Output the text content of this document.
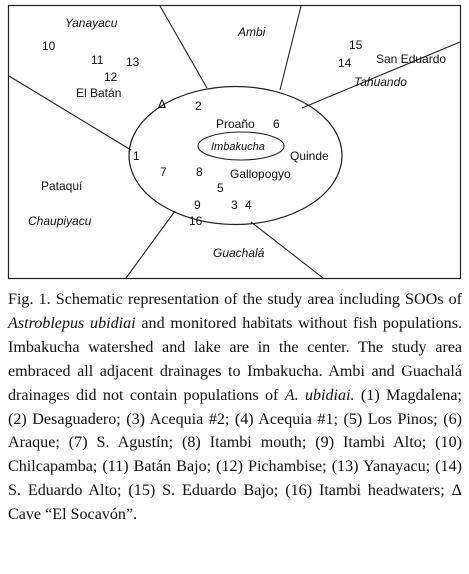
Yanayacu
Ambi
Tahuando
Chaupiyacu
Guachalá
El Batán
San Eduardo
Proaño
Imbakucha
Quinde
Gallopogyo
Pataquí
Δ
1
2
3 4
5
6
7 8
9
10
11
12
13	14
15
16

Fig. 1. Schematic representation of the study area including SOOs of Astroblepus ubidiai and monitored habitats without fish populations. Imbakucha watershed and lake are in the center. The study area embraced all adjacent drainages to Imbakucha. Ambi and Guachalá drainages did not contain populations of A. ubidiai. (1) Magdalena; (2) Desaguadero; (3) Acequia #2; (4) Acequia #1; (5) Los Pinos; (6) Araque; (7) S. Agustín; (8) Itambi mouth; (9) Itambi Alto; (10) Chilcapamba; (11) Batán Bajo; (12) Pichambise; (13) Yanayacu; (14) S. Eduardo Alto; (15) S. Eduardo Bajo; (16) Itambi headwaters; Δ Cave “El Socavón”.
